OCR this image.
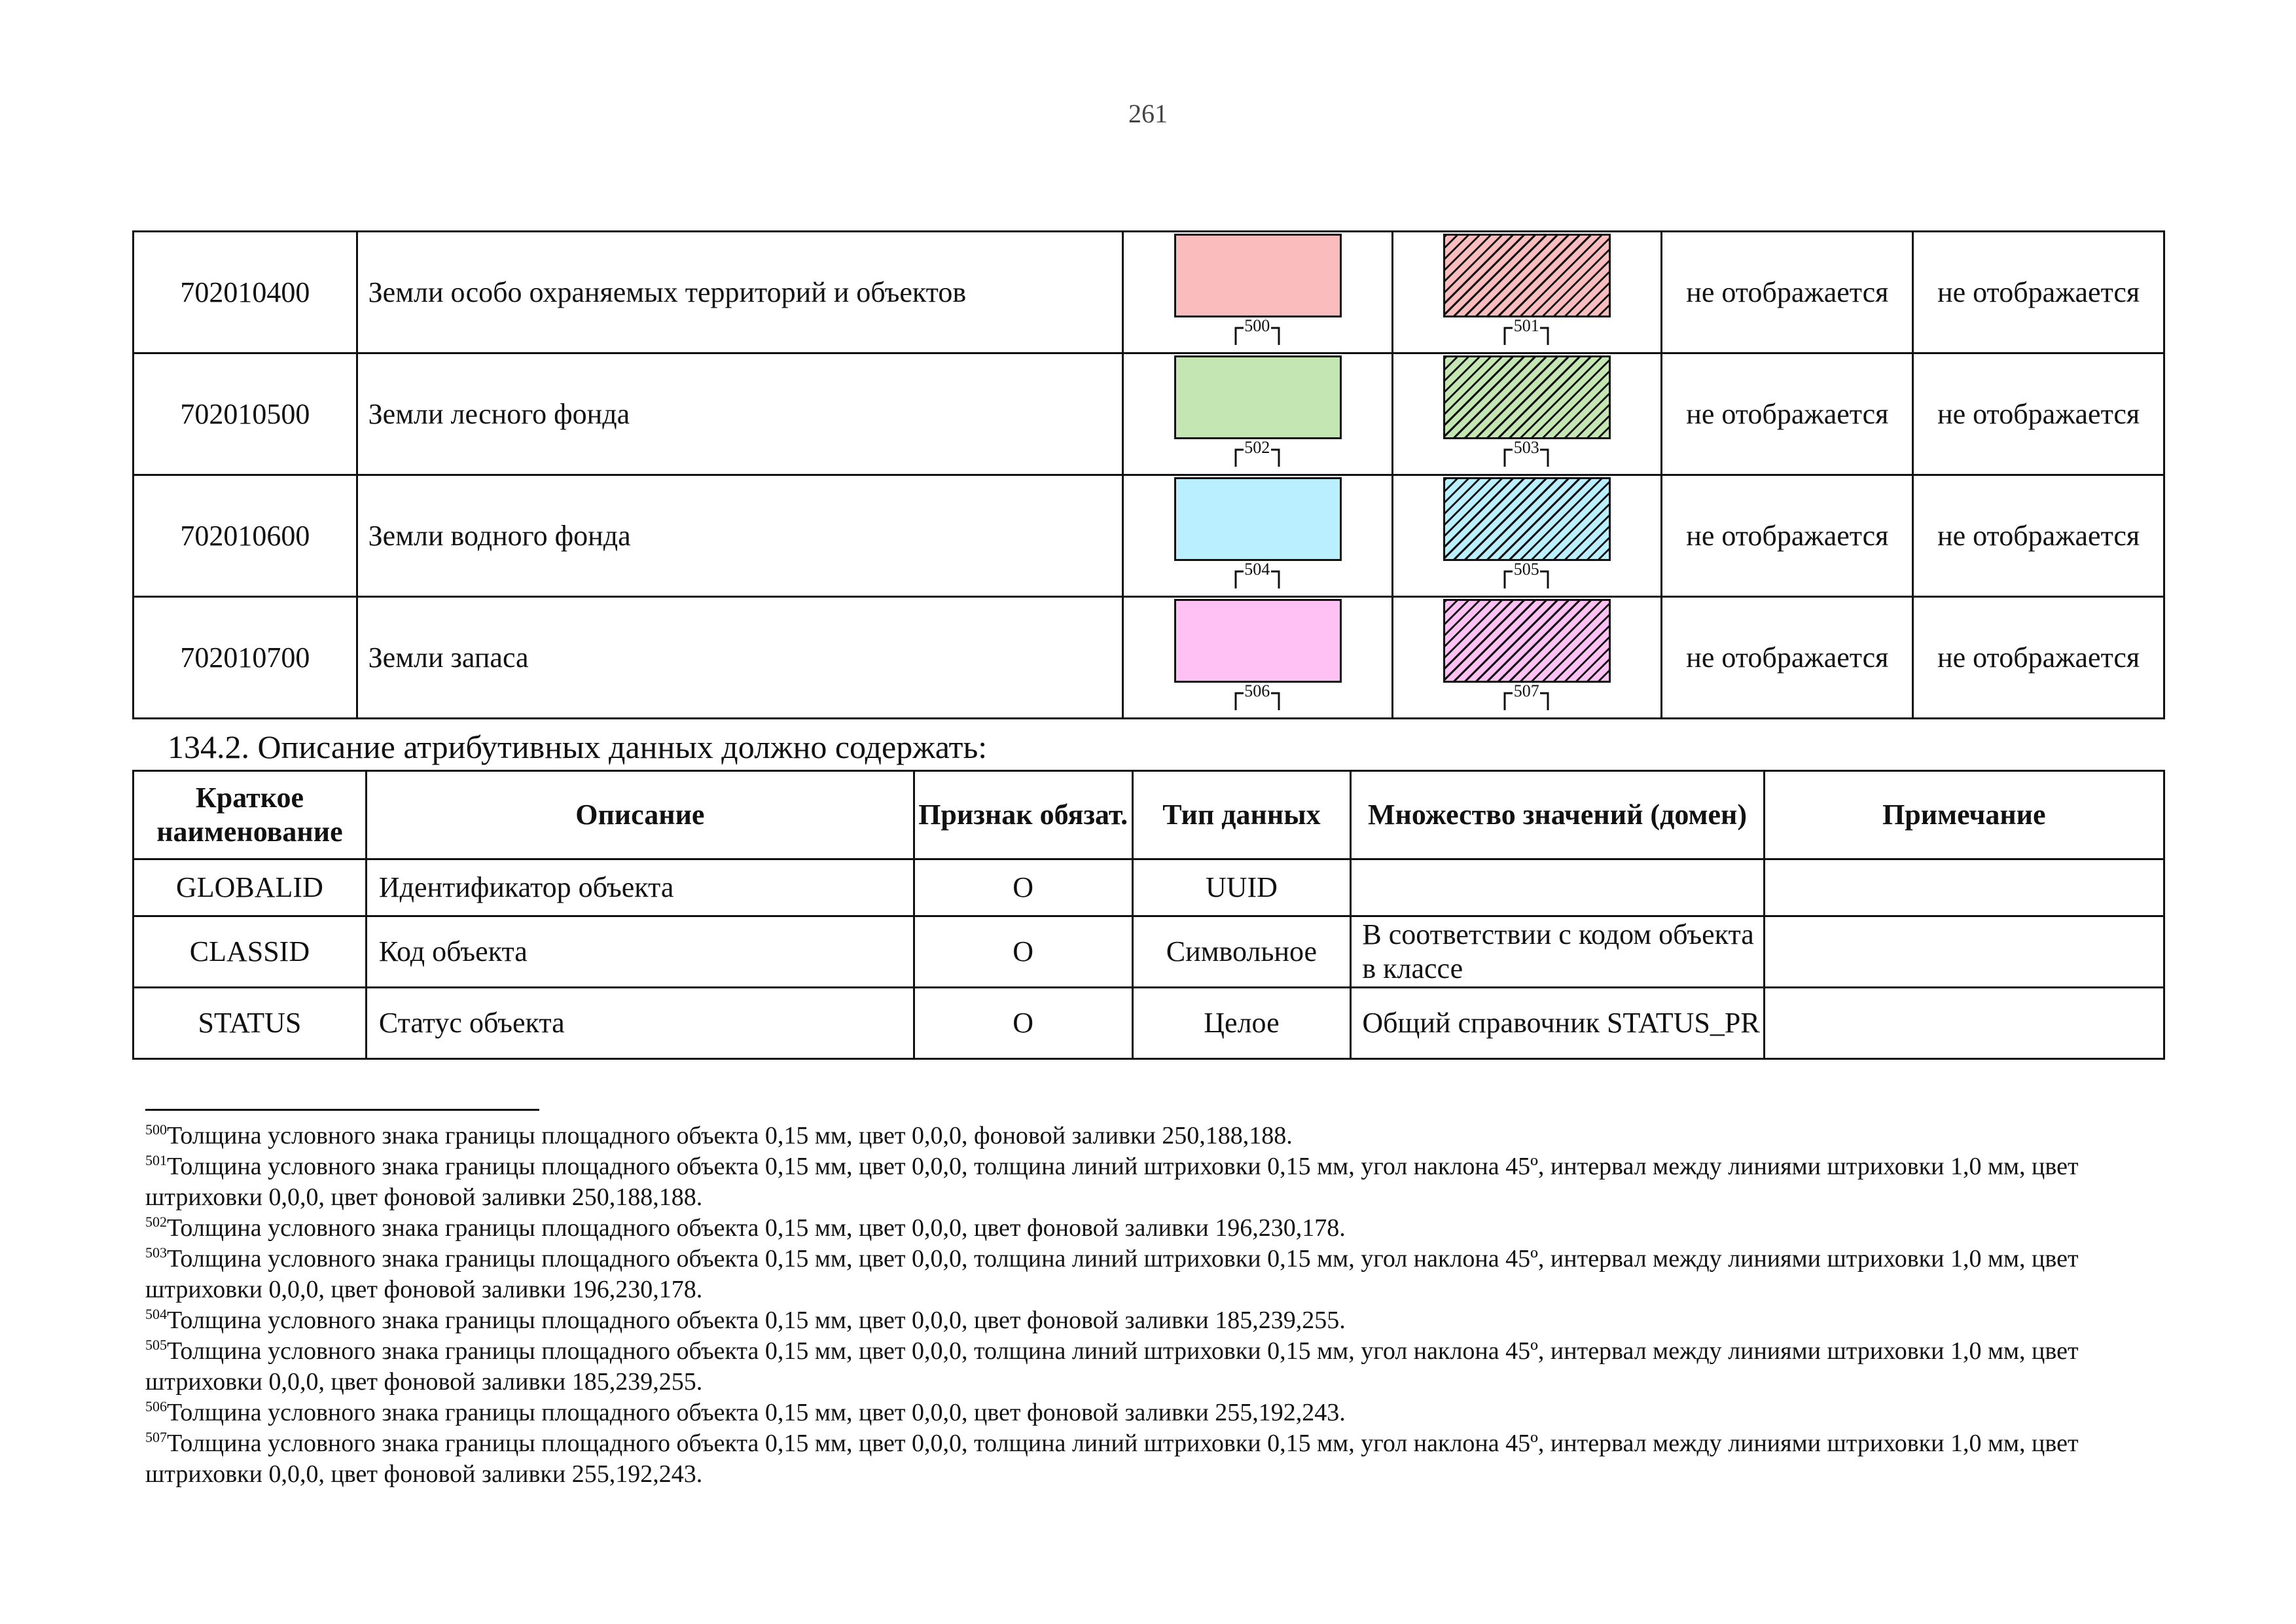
261
702010400	Земли особо охраняемых территорий и объектов	500	501	не отображается	не отображается
702010500	Земли лесного фонда	502	503	не отображается	не отображается
702010600	Земли водного фонда	504	505	не отображается	не отображается
702010700	Земли запаса	506	507	не отображается	не отображается
134.2. Описание атрибутивных данных должно содержать:
Краткое наименование	Описание	Признак обязат.	Тип данных	Множество значений (домен)	Примечание
GLOBALID	Идентификатор объекта	О	UUID		
CLASSID	Код объекта	О	Символьное	В соответствии с кодом объекта в классе	
STATUS	Статус объекта	О	Целое	Общий справочник STATUS_PR	

$^{500}$Толщина условного знака границы площадного объекта 0,15 мм, цвет 0,0,0, фоновой заливки 250,188,188.

$^{501}$Толщина условного знака границы площадного объекта 0,15 мм, цвет 0,0,0, толщина линий штриховки 0,15 мм, угол наклона 45º, интервал между линиями штриховки 1,0 мм, цвет штриховки 0,0,0, цвет фоновой заливки 250,188,188.

$^{502}$Толщина условного знака границы площадного объекта 0,15 мм, цвет 0,0,0, цвет фоновой заливки 196,230,178.

$^{503}$Толщина условного знака границы площадного объекта 0,15 мм, цвет 0,0,0, толщина линий штриховки 0,15 мм, угол наклона 45º, интервал между линиями штриховки 1,0 мм, цвет штриховки 0,0,0, цвет фоновой заливки 196,230,178.

$^{504}$Толщина условного знака границы площадного объекта 0,15 мм, цвет 0,0,0, цвет фоновой заливки 185,239,255.

$^{505}$Толщина условного знака границы площадного объекта 0,15 мм, цвет 0,0,0, толщина линий штриховки 0,15 мм, угол наклона 45º, интервал между линиями штриховки 1,0 мм, цвет штриховки 0,0,0, цвет фоновой заливки 185,239,255.

$^{506}$Толщина условного знака границы площадного объекта 0,15 мм, цвет 0,0,0, цвет фоновой заливки 255,192,243.

$^{507}$Толщина условного знака границы площадного объекта 0,15 мм, цвет 0,0,0, толщина линий штриховки 0,15 мм, угол наклона 45º, интервал между линиями штриховки 1,0 мм, цвет штриховки 0,0,0, цвет фоновой заливки 255,192,243.
